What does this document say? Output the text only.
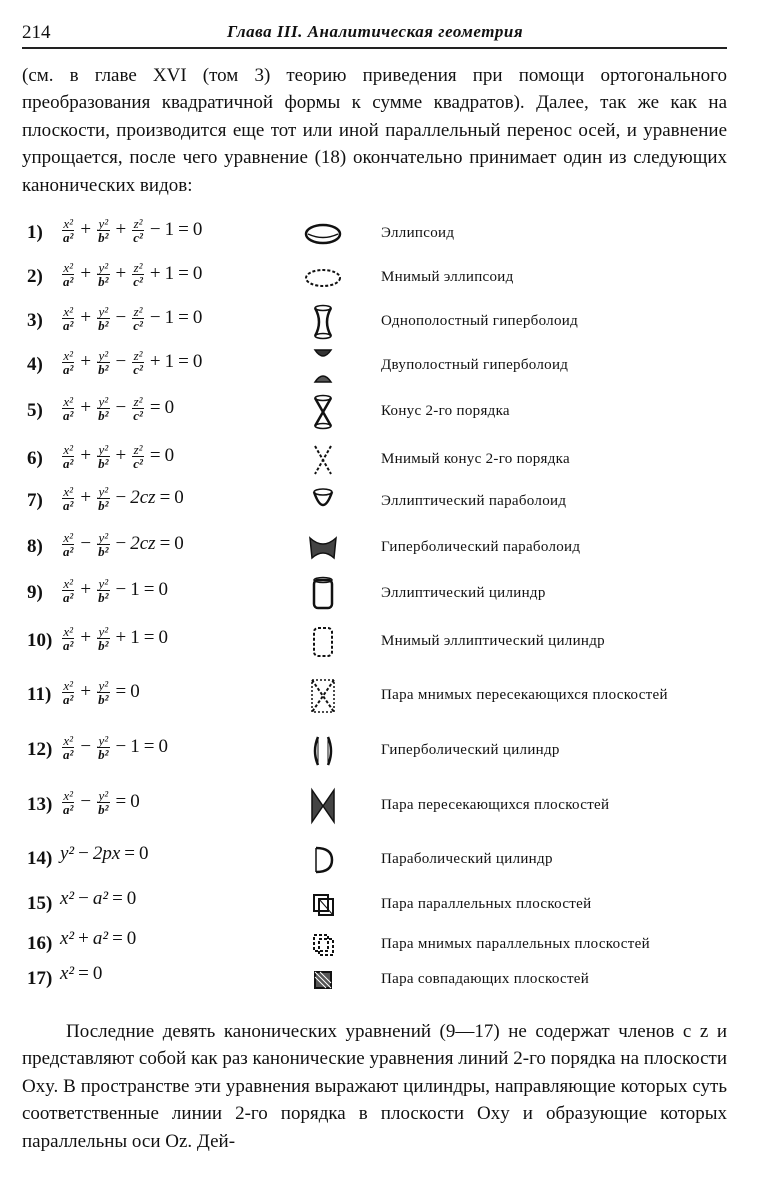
214	Глава III. Аналитическая геометрия

(см. в главе XVI (том 3) теорию приведения при помощи ортогонального преобразования квадратичной формы к сумме квадратов). Далее, так же как на плоскости, производится еще тот или иной параллельный перенос осей, и уравнение упрощается, после чего уравнение (18) окончательно принимает один из следующих канонических видов:

$1) \frac{\text{x²}}{\text{a²}} + \frac{\text{y²}}{\text{b²}} + \frac{\text{z²}}{\text{c²}} - 1 = 0$	Эллипсоид
$2) \frac{\text{x²}}{\text{a²}} + \frac{\text{y²}}{\text{b²}} + \frac{\text{z²}}{\text{c²}} + 1 = 0$	Мнимый эллипсоид
$3) \frac{\text{x²}}{\text{a²}} + \frac{\text{y²}}{\text{b²}} - \frac{\text{z²}}{\text{c²}} - 1 = 0$	Однополостный гиперболоид
$4) \frac{\text{x²}}{\text{a²}} + \frac{\text{y²}}{\text{b²}} - \frac{\text{z²}}{\text{c²}} + 1 = 0$	Двуполостный гиперболоид
$5) \frac{\text{x²}}{\text{a²}} + \frac{\text{y²}}{\text{b²}} - \frac{\text{z²}}{\text{c²}} = 0$	Конус 2-го порядка
$6) \frac{\text{x²}}{\text{a²}} + \frac{\text{y²}}{\text{b²}} + \frac{\text{z²}}{\text{c²}} = 0$	Мнимый конус 2-го порядка
$7) \frac{\text{x²}}{\text{a²}} + \frac{\text{y²}}{\text{b²}} - 2cz = 0$	Эллиптический параболоид
$8) \frac{\text{x²}}{\text{a²}} - \frac{\text{y²}}{\text{b²}} - 2cz = 0$	Гиперболический параболоид
$9) \frac{\text{x²}}{\text{a²}} + \frac{\text{y²}}{\text{b²}} - 1 = 0$	Эллиптический цилиндр
$10) \frac{\text{x²}}{\text{a²}} + \frac{\text{y²}}{\text{b²}} + 1 = 0$	Мнимый эллиптический цилиндр
$11) \frac{\text{x²}}{\text{a²}} + \frac{\text{y²}}{\text{b²}} = 0$	Пара мнимых пересекающихся плоскостей
$12) \frac{\text{x²}}{\text{a²}} - \frac{\text{y²}}{\text{b²}} - 1 = 0$	Гиперболический цилиндр
$13) \frac{\text{x²}}{\text{a²}} - \frac{\text{y²}}{\text{b²}} = 0$	Пара пересекающихся плоскостей
14) y² − 2px = 0	Параболический цилиндр
15) x² − a² = 0	Пара параллельных плоскостей
16) x² + a² = 0	Пара мнимых параллельных плоскостей
17) x² = 0	Пара совпадающих плоскостей

Последние девять канонических уравнений (9—17) не содержат членов с z и представляют собой как раз канонические уравнения линий 2-го порядка на плоскости Oxy. В пространстве эти уравнения выражают цилиндры, направляющие которых суть соответственные линии 2-го порядка в плоскости Oxy и образующие которых параллельны оси Oz. Дей-
